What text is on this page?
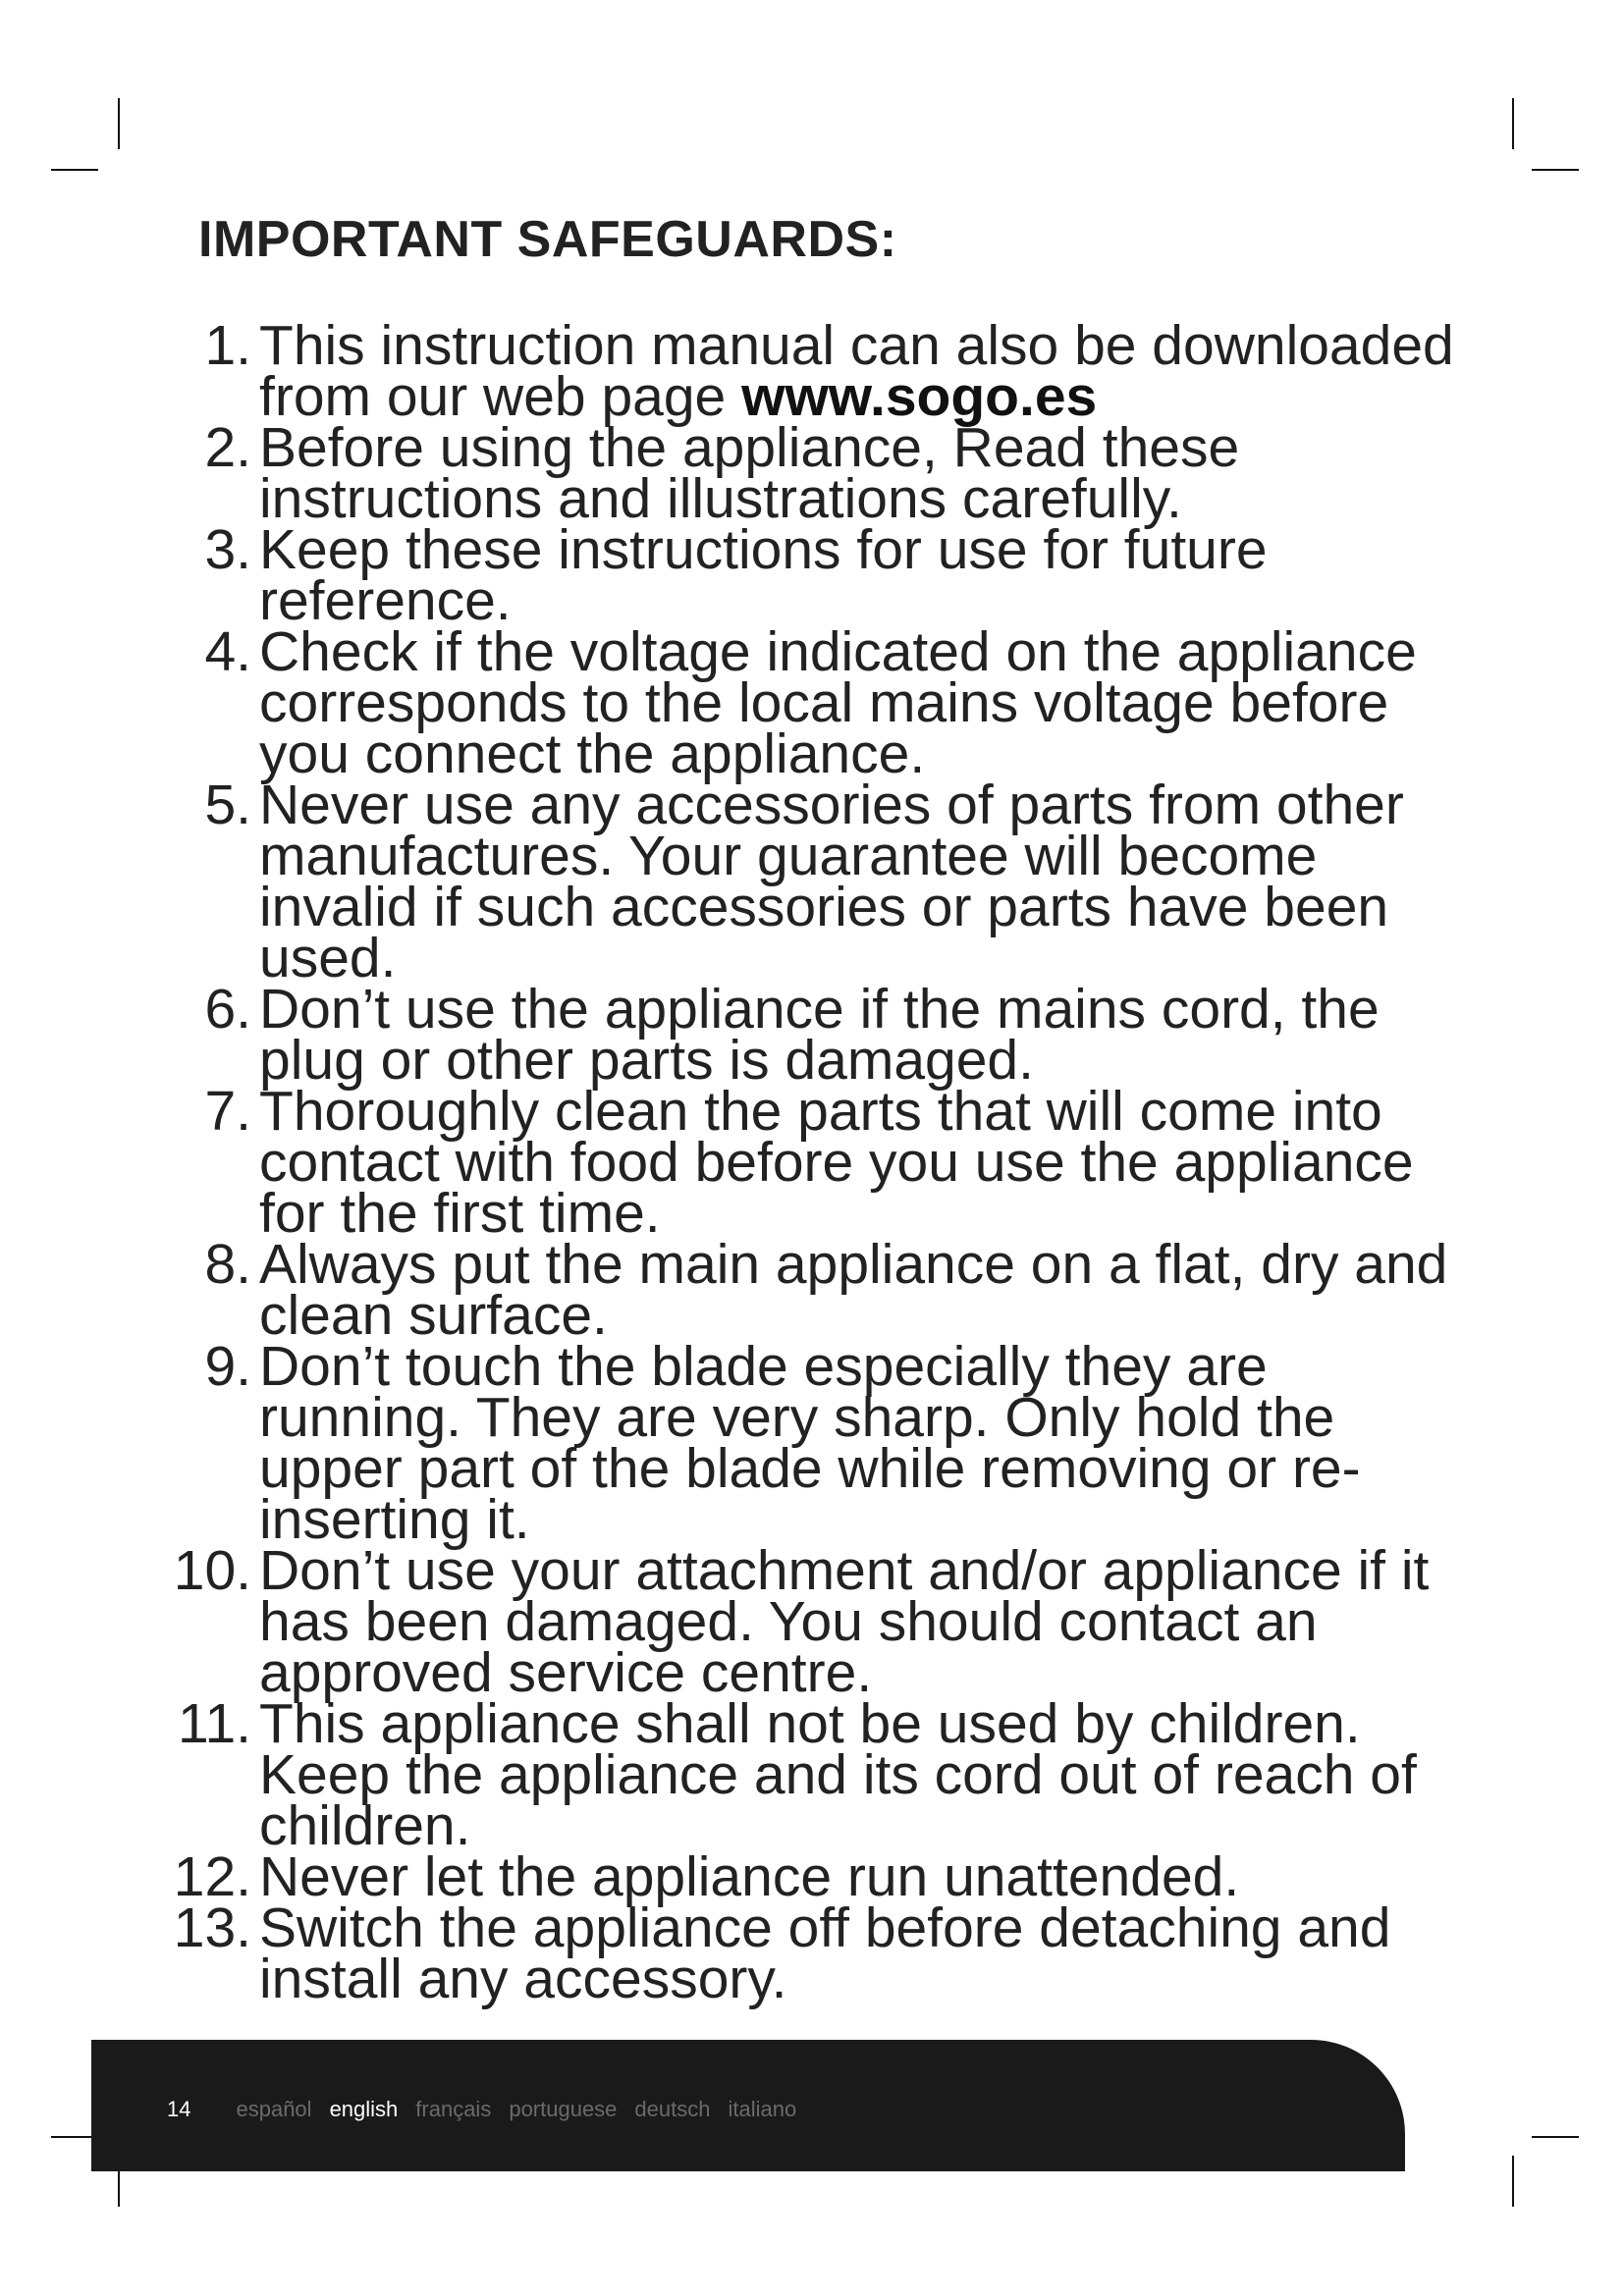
IMPORTANT SAFEGUARDS:
1. This instruction manual can also be downloaded from our web page www.sogo.es
2. Before using the appliance, Read these instructions and illustrations carefully.
3. Keep these instructions for use for future reference.
4. Check if the voltage indicated on the appliance corresponds to the local mains voltage before you connect the appliance.
5. Never use any accessories of parts from other manufactures. Your guarantee will become invalid if such accessories or parts have been used.
6. Don’t use the appliance if the mains cord, the plug or other parts is damaged.
7. Thoroughly clean the parts that will come into contact with food before you use the appliance for the first time.
8. Always put the main appliance on a flat, dry and clean surface.
9. Don’t touch the blade especially they are running. They are very sharp. Only hold the upper part of the blade while removing or re-inserting it.
10. Don’t use your attachment and/or appliance if it has been damaged. You should contact an approved service centre.
11. This appliance shall not be used by children. Keep the appliance and its cord out of reach of children.
12. Never let the appliance run unattended.
13. Switch the appliance off before detaching and install any accessory.
14 español english français portuguese deutsch italiano
